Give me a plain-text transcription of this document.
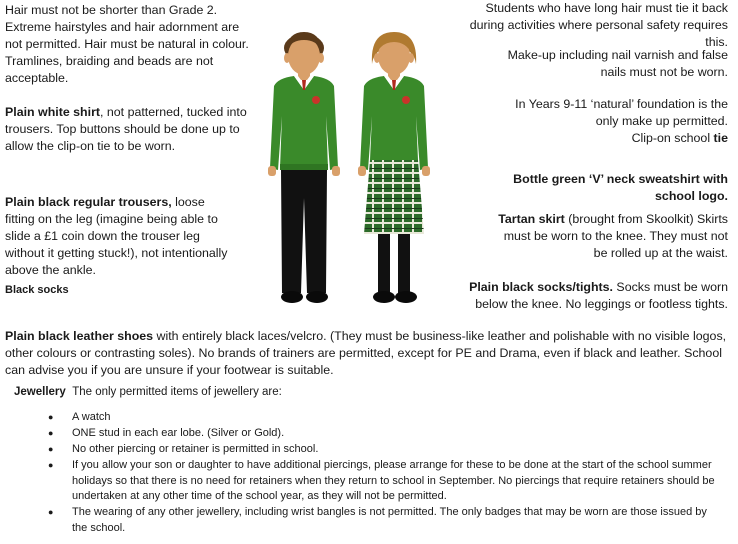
Hair must not be shorter than Grade 2. Extreme hairstyles and hair adornment are not permitted. Hair must be natural in colour. Tramlines, braiding and beads are not acceptable.
Plain white shirt, not patterned, tucked into trousers. Top buttons should be done up to allow the clip-on tie to be worn.
Plain black regular trousers, loose fitting on the leg (imagine being able to slide a £1 coin down the trouser leg without it getting stuck!), not intentionally above the ankle.
Black socks
Students who have long hair must tie it back during activities where personal safety requires this.
Make-up including nail varnish and false nails must not be worn.
In Years 9-11 ‘natural’ foundation is the only make up permitted.
Clip-on school tie
Bottle green ‘V’ neck sweatshirt with school logo.
Tartan skirt (brought from Skoolkit) Skirts must be worn to the knee. They must not be rolled up at the waist.
Plain black socks/tights. Socks must be worn below the knee. No leggings or footless tights.
Plain black leather shoes with entirely black laces/velcro. (They must be business-like leather and polishable with no visible logos, other colours or contrasting soles). No brands of trainers are permitted, except for PE and Drama, even if black and leather. School can advise you if you are unsure if your footwear is suitable.
Jewellery The only permitted items of jewellery are:
● A watch
● ONE stud in each ear lobe. (Silver or Gold).
● No other piercing or retainer is permitted in school.
● If you allow your son or daughter to have additional piercings, please arrange for these to be done at the start of the school summer holidays so that there is no need for retainers when they return to school in September. No piercings that require retainers should be undertaken at any other time of the school year, as they will not be permitted.
● The wearing of any other jewellery, including wrist bangles is not permitted. The only badges that may be worn are those issued by the school.
